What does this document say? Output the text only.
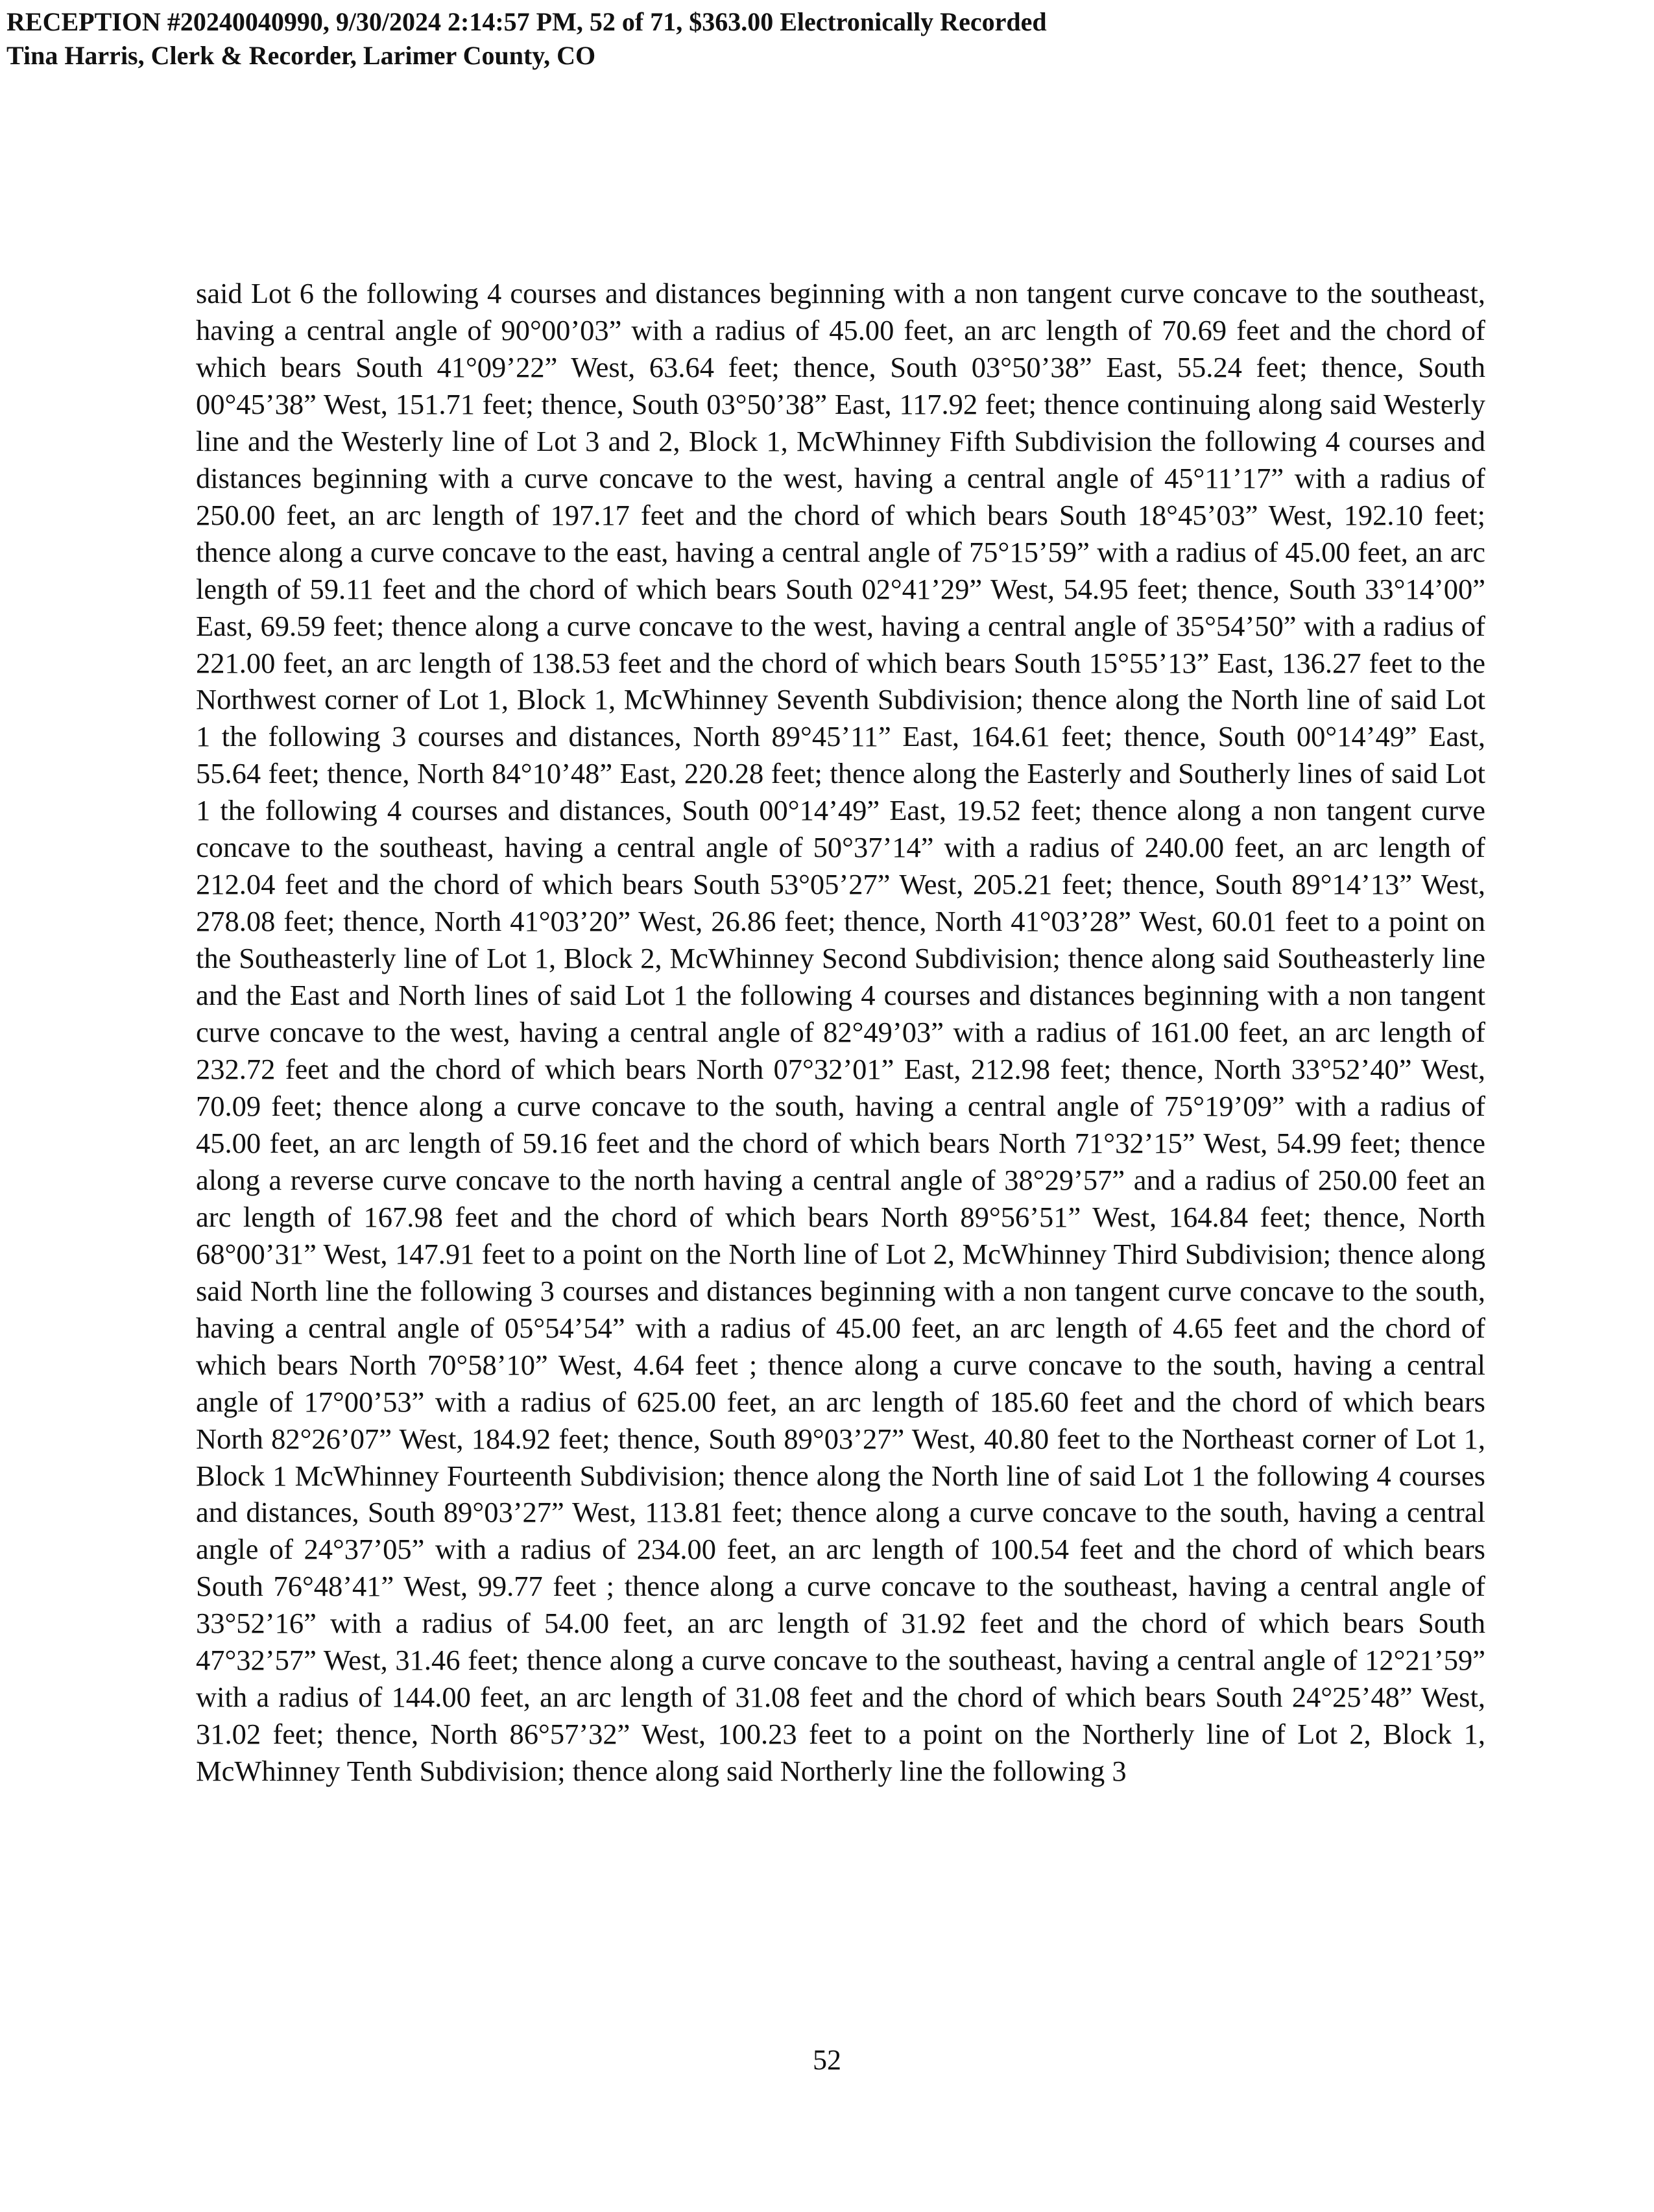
RECEPTION #20240040990, 9/30/2024 2:14:57 PM, 52 of 71, $363.00 Electronically Recorded
Tina Harris, Clerk & Recorder, Larimer County, CO

said Lot 6 the following 4 courses and distances beginning with a non tangent curve concave to the southeast, having a central angle of 90°00’03” with a radius of 45.00 feet, an arc length of 70.69 feet and the chord of which bears South 41°09’22” West, 63.64 feet; thence, South 03°50’38” East, 55.24 feet; thence, South 00°45’38” West, 151.71 feet; thence, South 03°50’38” East, 117.92 feet; thence continuing along said Westerly line and the Westerly line of Lot 3 and 2, Block 1, McWhinney Fifth Subdivision the following 4 courses and distances beginning with a curve concave to the west, having a central angle of 45°11’17” with a radius of 250.00 feet, an arc length of 197.17 feet and the chord of which bears South 18°45’03” West, 192.10 feet; thence along a curve concave to the east, having a central angle of 75°15’59” with a radius of 45.00 feet, an arc length of 59.11 feet and the chord of which bears South 02°41’29” West, 54.95 feet; thence, South 33°14’00” East, 69.59 feet; thence along a curve concave to the west, having a central angle of 35°54’50” with a radius of 221.00 feet, an arc length of 138.53 feet and the chord of which bears South 15°55’13” East, 136.27 feet to the Northwest corner of Lot 1, Block 1, McWhinney Seventh Subdivision; thence along the North line of said Lot 1 the following 3 courses and distances, North 89°45’11” East, 164.61 feet; thence, South 00°14’49” East, 55.64 feet; thence, North 84°10’48” East, 220.28 feet; thence along the Easterly and Southerly lines of said Lot 1 the following 4 courses and distances, South 00°14’49” East, 19.52 feet; thence along a non tangent curve concave to the southeast, having a central angle of 50°37’14” with a radius of 240.00 feet, an arc length of 212.04 feet and the chord of which bears South 53°05’27” West, 205.21 feet; thence, South 89°14’13” West, 278.08 feet; thence, North 41°03’20” West, 26.86 feet; thence, North 41°03’28” West, 60.01 feet to a point on the Southeasterly line of Lot 1, Block 2, McWhinney Second Subdivision; thence along said Southeasterly line and the East and North lines of said Lot 1 the following 4 courses and distances beginning with a non tangent curve concave to the west, having a central angle of 82°49’03” with a radius of 161.00 feet, an arc length of 232.72 feet and the chord of which bears North 07°32’01” East, 212.98 feet; thence, North 33°52’40” West, 70.09 feet; thence along a curve concave to the south, having a central angle of 75°19’09” with a radius of 45.00 feet, an arc length of 59.16 feet and the chord of which bears North 71°32’15” West, 54.99 feet; thence along a reverse curve concave to the north having a central angle of 38°29’57” and a radius of 250.00 feet an arc length of 167.98 feet and the chord of which bears North 89°56’51” West, 164.84 feet; thence, North 68°00’31” West, 147.91 feet to a point on the North line of Lot 2, McWhinney Third Subdivision; thence along said North line the following 3 courses and distances beginning with a non tangent curve concave to the south, having a central angle of 05°54’54” with a radius of 45.00 feet, an arc length of 4.65 feet and the chord of which bears North 70°58’10” West, 4.64 feet ; thence along a curve concave to the south, having a central angle of 17°00’53” with a radius of 625.00 feet, an arc length of 185.60 feet and the chord of which bears North 82°26’07” West, 184.92 feet; thence, South 89°03’27” West, 40.80 feet to the Northeast corner of Lot 1, Block 1 McWhinney Fourteenth Subdivision; thence along the North line of said Lot 1 the following 4 courses and distances, South 89°03’27” West, 113.81 feet; thence along a curve concave to the south, having a central angle of 24°37’05” with a radius of 234.00 feet, an arc length of 100.54 feet and the chord of which bears South 76°48’41” West, 99.77 feet ; thence along a curve concave to the southeast, having a central angle of 33°52’16” with a radius of 54.00 feet, an arc length of 31.92 feet and the chord of which bears South 47°32’57” West, 31.46 feet; thence along a curve concave to the southeast, having a central angle of 12°21’59” with a radius of 144.00 feet, an arc length of 31.08 feet and the chord of which bears South 24°25’48” West, 31.02 feet; thence, North 86°57’32” West, 100.23 feet to a point on the Northerly line of Lot 2, Block 1, McWhinney Tenth Subdivision; thence along said Northerly line the following 3

52
